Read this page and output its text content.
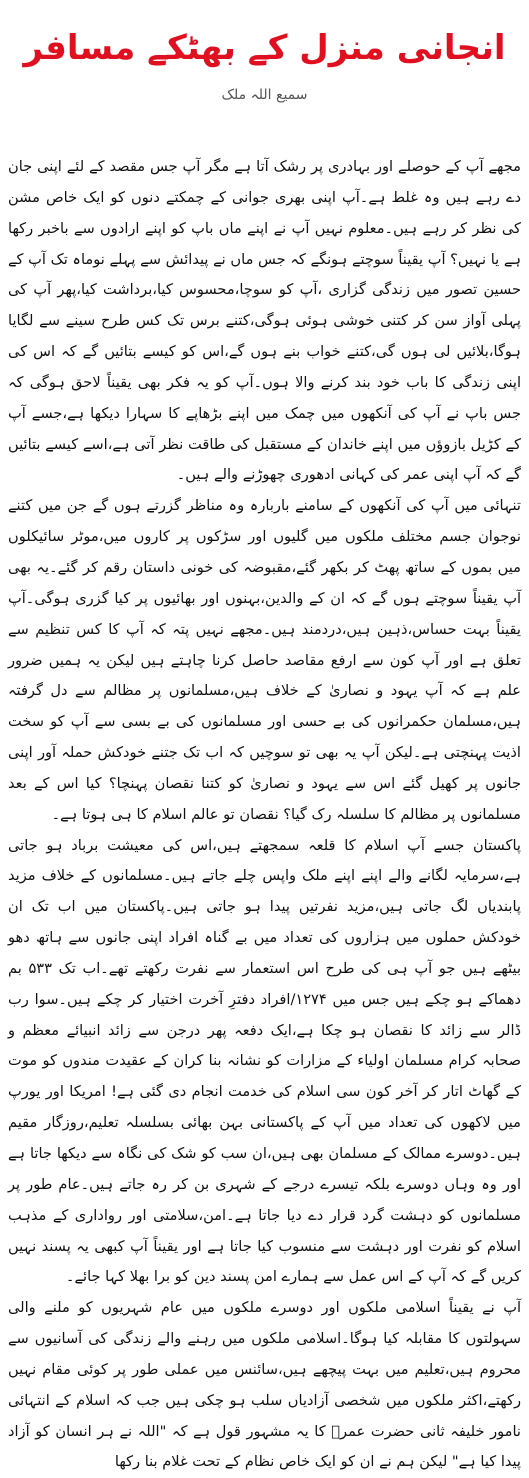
انجانی منزل کے بھٹکے مسافر
سمیع اللہ ملک

مجھے آپ کے حوصلے اور بہادری پر رشک آتا ہے مگر آپ جس مقصد کے لئے اپنی جان دے رہے ہیں وہ غلط ہے۔آپ اپنی بھری جوانی کے چمکتے دنوں کو ایک خاص مشن کی نظر کر رہے ہیں۔معلوم نہیں آپ نے اپنے ماں باپ کو اپنے ارادوں سے باخبر رکھا ہے یا نہیں؟ آپ یقیناً سوچتے ہونگے کہ جس ماں نے پیدائش سے پہلے نوماہ تک آپ کے حسین تصور میں زندگی گزاری ،آپ کو سوچا،محسوس کیا،برداشت کیا،پھر آپ کی پہلی آواز سن کر کتنی خوشی ہوئی ہوگی،کتنے برس تک کس طرح سینے سے لگایا ہوگا،بلائیں لی ہوں گی،کتنے خواب بنے ہوں گے،اس کو کیسے بتائیں گے کہ اس کی اپنی زندگی کا باب خود بند کرنے والا ہوں۔آپ کو یہ فکر بھی یقیناً لاحق ہوگی کہ جس باپ نے آپ کی آنکھوں میں چمک میں اپنے بڑھاپے کا سہارا دیکھا ہے،جسے آپ کے کڑیل بازوؤں میں اپنے خاندان کے مستقبل کی طاقت نظر آتی ہے،اسے کیسے بتائیں گے کہ آپ اپنی عمر کی کہانی ادھوری چھوڑنے والے ہیں۔

تنہائی میں آپ کی آنکھوں کے سامنے باربارہ وہ مناظر گزرتے ہوں گے جن میں کتنے نوجوان جسم مختلف ملکوں میں گلیوں اور سڑکوں پر کاروں میں،موٹر سائیکلوں میں بموں کے ساتھ پھٹ کر بکھر گئے،مقبوضہ کی خونی داستان رقم کر گئے۔یہ بھی آپ یقیناً سوچتے ہوں گے کہ ان کے والدین،بہنوں اور بھائیوں پر کیا گزری ہوگی۔آپ یقیناً بہت حساس،ذہین ہیں،دردمند ہیں۔مجھے نہیں پتہ کہ آپ کا کس تنظیم سے تعلق ہے اور آپ کون سے ارفع مقاصد حاصل کرنا چاہتے ہیں لیکن یہ ہمیں ضرور علم ہے کہ آپ یہود و نصاریٰ کے خلاف ہیں،مسلمانوں پر مظالم سے دل گرفتہ ہیں،مسلمان حکمرانوں کی بے حسی اور مسلمانوں کی بے بسی سے آپ کو سخت اذیت پہنچتی ہے۔لیکن آپ یہ بھی تو سوچیں کہ اب تک جتنے خودکش حملہ آور اپنی جانوں پر کھیل گئے اس سے یہود و نصاریٰ کو کتنا نقصان پہنچا؟ کیا اس کے بعد مسلمانوں پر مظالم کا سلسلہ رک گیا؟ نقصان تو عالم اسلام کا ہی ہوتا ہے۔

پاکستان جسے آپ اسلام کا قلعہ سمجھتے ہیں،اس کی معیشت برباد ہو جاتی ہے،سرمایہ لگانے والے اپنے اپنے ملک واپس چلے جاتے ہیں۔مسلمانوں کے خلاف مزید پابندیاں لگ جاتی ہیں،مزید نفرتیں پیدا ہو جاتی ہیں۔پاکستان میں اب تک ان خودکش حملوں میں ہزاروں کی تعداد میں بے گناہ افراد اپنی جانوں سے ہاتھ دھو بیٹھے ہیں جو آپ ہی کی طرح اس استعمار سے نفرت رکھتے تھے۔اب تک ۵۳۳ بم دھماکے ہو چکے ہیں جس میں ۱۲۷۴/افراد دفترِ آخرت اختیار کر چکے ہیں۔سوا رب ڈالر سے زائد کا نقصان ہو چکا ہے،ایک دفعہ پھر درجن سے زائد انبیائے معظم و صحابہ کرام مسلمان اولیاء کے مزارات کو نشانہ بنا کران کے عقیدت مندوں کو موت کے گھاٹ اتار کر آخر کون سی اسلام کی خدمت انجام دی گئی ہے! امریکا اور یورپ میں لاکھوں کی تعداد میں آپ کے پاکستانی بہن بھائی بسلسلہ تعلیم،روزگار مقیم ہیں۔دوسرے ممالک کے مسلمان بھی ہیں،ان سب کو شک کی نگاہ سے دیکھا جاتا ہے اور وہ وہاں دوسرے بلکہ تیسرے درجے کے شہری بن کر رہ جاتے ہیں۔عام طور پر مسلمانوں کو دہشت گرد قرار دے دیا جاتا ہے۔امن،سلامتی اور رواداری کے مذہب اسلام کو نفرت اور دہشت سے منسوب کیا جاتا ہے اور یقیناً آپ کبھی یہ پسند نہیں کریں گے کہ آپ کے اس عمل سے ہمارے امن پسند دین کو برا بھلا کہا جائے۔

آپ نے یقیناً اسلامی ملکوں اور دوسرے ملکوں میں عام شہریوں کو ملنے والی سہولتوں کا مقابلہ کیا ہوگا۔اسلامی ملکوں میں رہنے والے زندگی کی آسانیوں سے محروم ہیں،تعلیم میں بہت پیچھے ہیں،سائنس میں عملی طور پر کوئی مقام نہیں رکھتے،اکثر ملکوں میں شخصی آزادیاں سلب ہو چکی ہیں جب کہ اسلام کے انتہائی نامور خلیفہ ثانی حضرت عمرؓ کا یہ مشہور قول ہے کہ "اللہ نے ہر انسان کو آزاد پیدا کیا ہے" لیکن ہم نے ان کو ایک خاص نظام کے تحت غلام بنا رکھا
